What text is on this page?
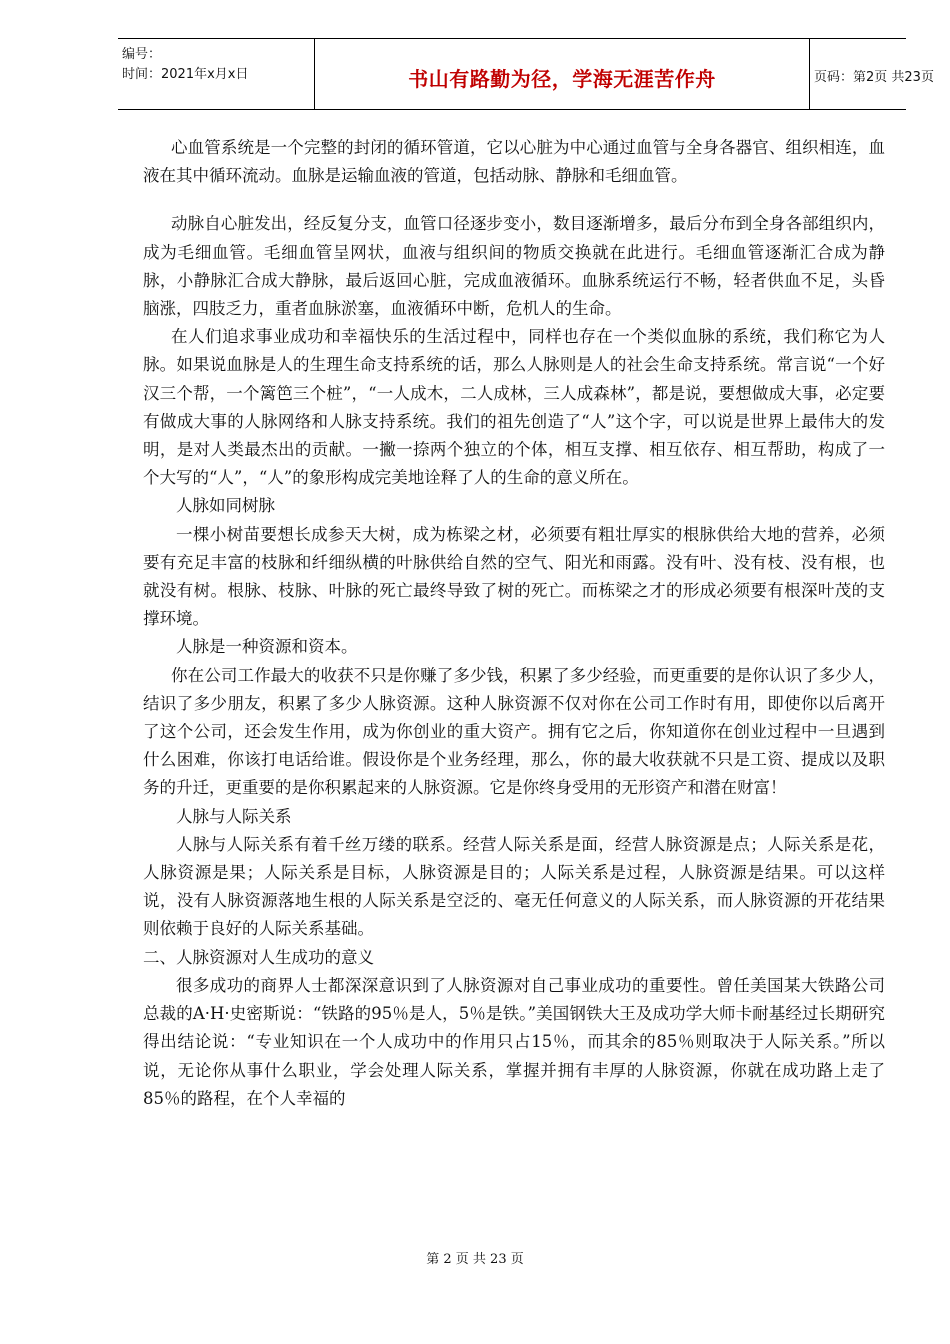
编号：
时间：2021年x月x日	书山有路勤为径，学海无涯苦作舟	页码：第2页 共23页

心血管系统是一个完整的封闭的循环管道，它以心脏为中心通过血管与全身各器官、组织相连，血液在其中循环流动。血脉是运输血液的管道，包括动脉、静脉和毛细血管。

动脉自心脏发出，经反复分支，血管口径逐步变小，数目逐渐增多，最后分布到全身各部组织内，成为毛细血管。毛细血管呈网状，血液与组织间的物质交换就在此进行。毛细血管逐渐汇合成为静脉，小静脉汇合成大静脉，最后返回心脏，完成血液循环。血脉系统运行不畅，轻者供血不足，头昏脑涨，四肢乏力，重者血脉淤塞，血液循环中断，危机人的生命。

在人们追求事业成功和幸福快乐的生活过程中，同样也存在一个类似血脉的系统，我们称它为人脉。如果说血脉是人的生理生命支持系统的话，那么人脉则是人的社会生命支持系统。常言说“一个好汉三个帮，一个篱笆三个桩”，“一人成木，二人成林，三人成森林”，都是说，要想做成大事，必定要有做成大事的人脉网络和人脉支持系统。我们的祖先创造了“人”这个字，可以说是世界上最伟大的发明，是对人类最杰出的贡献。一撇一捺两个独立的个体，相互支撑、相互依存、相互帮助，构成了一个大写的“人”，“人”的象形构成完美地诠释了人的生命的意义所在。

人脉如同树脉

一棵小树苗要想长成参天大树，成为栋梁之材，必须要有粗壮厚实的根脉供给大地的营养，必须要有充足丰富的枝脉和纤细纵横的叶脉供给自然的空气、阳光和雨露。没有叶、没有枝、没有根，也就没有树。根脉、枝脉、叶脉的死亡最终导致了树的死亡。而栋梁之才的形成必须要有根深叶茂的支撑环境。

人脉是一种资源和资本。

你在公司工作最大的收获不只是你赚了多少钱，积累了多少经验，而更重要的是你认识了多少人，结识了多少朋友，积累了多少人脉资源。这种人脉资源不仅对你在公司工作时有用，即使你以后离开了这个公司，还会发生作用，成为你创业的重大资产。拥有它之后，你知道你在创业过程中一旦遇到什么困难，你该打电话给谁。假设你是个业务经理，那么，你的最大收获就不只是工资、提成以及职务的升迁，更重要的是你积累起来的人脉资源。它是你终身受用的无形资产和潜在财富！

人脉与人际关系

人脉与人际关系有着千丝万缕的联系。经营人际关系是面，经营人脉资源是点；人际关系是花，人脉资源是果；人际关系是目标，人脉资源是目的；人际关系是过程，人脉资源是结果。可以这样说，没有人脉资源落地生根的人际关系是空泛的、毫无任何意义的人际关系，而人脉资源的开花结果则依赖于良好的人际关系基础。

二、人脉资源对人生成功的意义

很多成功的商界人士都深深意识到了人脉资源对自己事业成功的重要性。曾任美国某大铁路公司总裁的A·H·史密斯说：“铁路的95％是人，5％是铁。”美国钢铁大王及成功学大师卡耐基经过长期研究得出结论说：“专业知识在一个人成功中的作用只占15％，而其余的85％则取决于人际关系。”所以说，无论你从事什么职业，学会处理人际关系，掌握并拥有丰厚的人脉资源，你就在成功路上走了85％的路程，在个人幸福的

第 2 页 共 23 页
